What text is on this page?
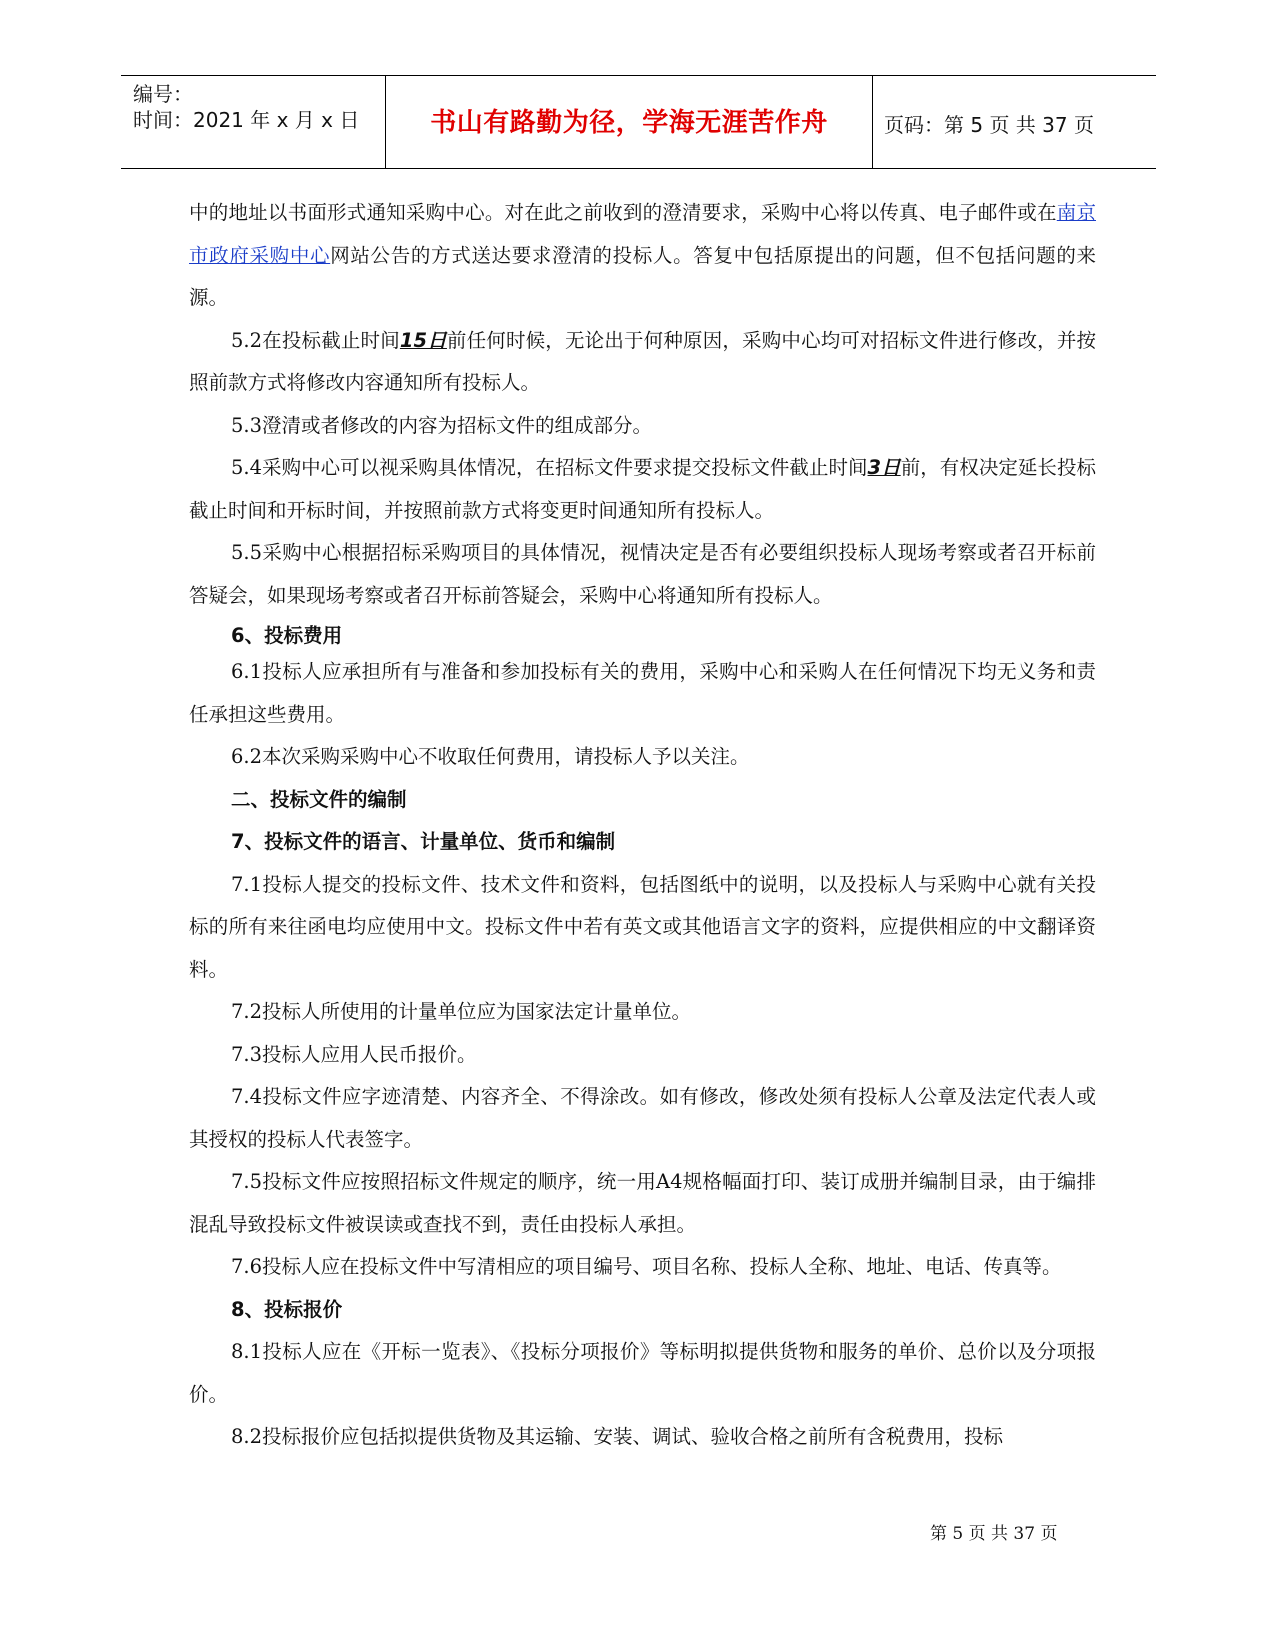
编号：
时间：2021 年 x 月 x 日	书山有路勤为径，学海无涯苦作舟	页码：第 5 页 共 37 页

中的地址以书面形式通知采购中心。对在此之前收到的澄清要求，采购中心将以传真、电子邮件或在南京市政府采购中心网站公告的方式送达要求澄清的投标人。答复中包括原提出的问题，但不包括问题的来源。

5.2在投标截止时间15日前任何时候，无论出于何种原因，采购中心均可对招标文件进行修改，并按照前款方式将修改内容通知所有投标人。

5.3澄清或者修改的内容为招标文件的组成部分。

5.4采购中心可以视采购具体情况，在招标文件要求提交投标文件截止时间3日前，有权决定延长投标截止时间和开标时间，并按照前款方式将变更时间通知所有投标人。

5.5采购中心根据招标采购项目的具体情况，视情决定是否有必要组织投标人现场考察或者召开标前答疑会，如果现场考察或者召开标前答疑会，采购中心将通知所有投标人。

6、投标费用

6.1投标人应承担所有与准备和参加投标有关的费用，采购中心和采购人在任何情况下均无义务和责任承担这些费用。

6.2本次采购采购中心不收取任何费用，请投标人予以关注。

二、投标文件的编制

7、投标文件的语言、计量单位、货币和编制

7.1投标人提交的投标文件、技术文件和资料，包括图纸中的说明，以及投标人与采购中心就有关投标的所有来往函电均应使用中文。投标文件中若有英文或其他语言文字的资料，应提供相应的中文翻译资料。

7.2投标人所使用的计量单位应为国家法定计量单位。

7.3投标人应用人民币报价。

7.4投标文件应字迹清楚、内容齐全、不得涂改。如有修改，修改处须有投标人公章及法定代表人或其授权的投标人代表签字。

7.5投标文件应按照招标文件规定的顺序，统一用A4规格幅面打印、装订成册并编制目录，由于编排混乱导致投标文件被误读或查找不到，责任由投标人承担。

7.6投标人应在投标文件中写清相应的项目编号、项目名称、投标人全称、地址、电话、传真等。

8、投标报价

8.1投标人应在《开标一览表》、《投标分项报价》等标明拟提供货物和服务的单价、总价以及分项报价。

8.2投标报价应包括拟提供货物及其运输、安装、调试、验收合格之前所有含税费用，投标

第 5 页 共 37 页
